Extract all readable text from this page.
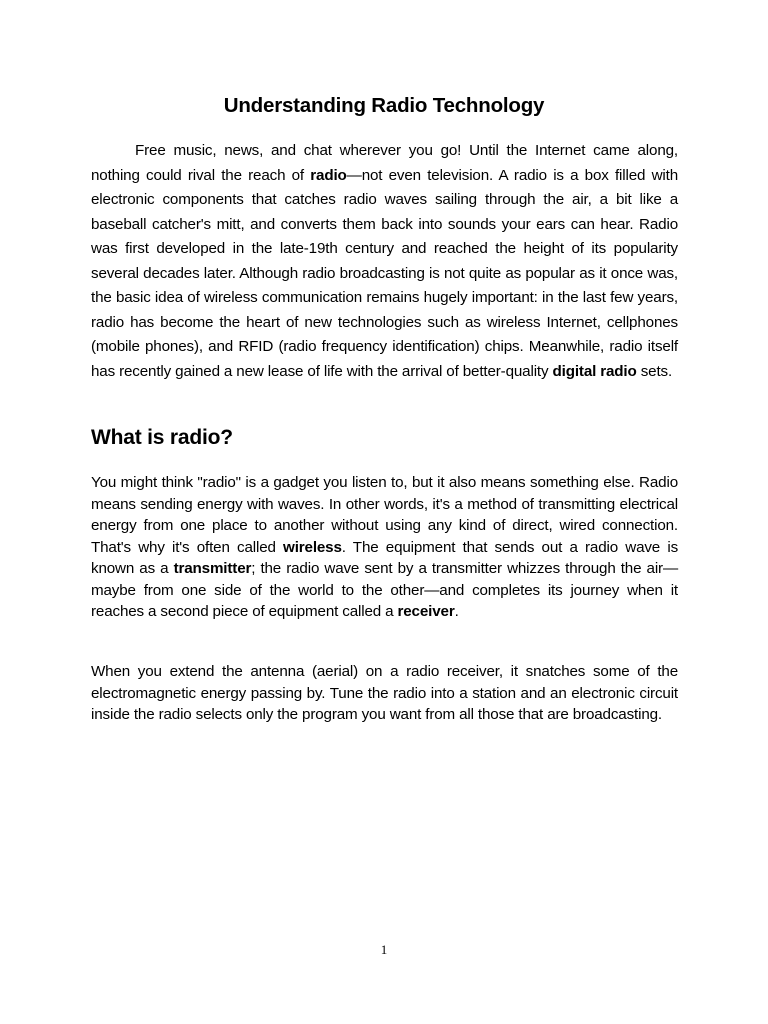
Understanding Radio Technology

Free music, news, and chat wherever you go! Until the Internet came along, nothing could rival the reach of radio—not even television. A radio is a box filled with electronic components that catches radio waves sailing through the air, a bit like a baseball catcher's mitt, and converts them back into sounds your ears can hear. Radio was first developed in the late-19th century and reached the height of its popularity several decades later. Although radio broadcasting is not quite as popular as it once was, the basic idea of wireless communication remains hugely important: in the last few years, radio has become the heart of new technologies such as wireless Internet, cellphones (mobile phones), and RFID (radio frequency identification) chips. Meanwhile, radio itself has recently gained a new lease of life with the arrival of better-quality digital radio sets.

What is radio?

You might think "radio" is a gadget you listen to, but it also means something else. Radio means sending energy with waves. In other words, it's a method of transmitting electrical energy from one place to another without using any kind of direct, wired connection. That's why it's often called wireless. The equipment that sends out a radio wave is known as a transmitter; the radio wave sent by a transmitter whizzes through the air—maybe from one side of the world to the other—and completes its journey when it reaches a second piece of equipment called a receiver.

When you extend the antenna (aerial) on a radio receiver, it snatches some of the electromagnetic energy passing by. Tune the radio into a station and an electronic circuit inside the radio selects only the program you want from all those that are broadcasting.

1
